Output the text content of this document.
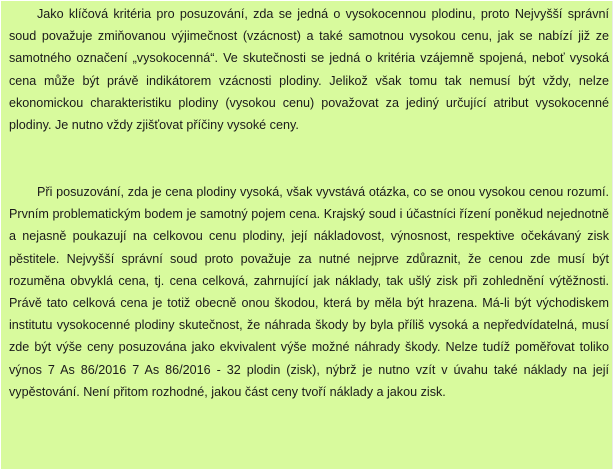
Jako klíčová kritéria pro posuzování, zda se jedná o vysokocennou plodinu, proto Nejvyšší správní soud považuje zmiňovanou výjimečnost (vzácnost) a také samotnou vysokou cenu, jak se nabízí již ze samotného označení „vysokocenná“. Ve skutečnosti se jedná o kritéria vzájemně spojená, neboť vysoká cena může být právě indikátorem vzácnosti plodiny. Jelikož však tomu tak nemusí být vždy, nelze ekonomickou charakteristiku plodiny (vysokou cenu) považovat za jediný určující atribut vysokocenné plodiny. Je nutno vždy zjišťovat příčiny vysoké ceny.

Při posuzování, zda je cena plodiny vysoká, však vyvstává otázka, co se onou vysokou cenou rozumí. Prvním problematickým bodem je samotný pojem cena. Krajský soud i účastníci řízení poněkud nejednotně a nejasně poukazují na celkovou cenu plodiny, její nákladovost, výnosnost, respektive očekávaný zisk pěstitele. Nejvyšší správní soud proto považuje za nutné nejprve zdůraznit, že cenou zde musí být rozuměna obvyklá cena, tj. cena celková, zahrnující jak náklady, tak ušlý zisk při zohlednění výtěžnosti. Právě tato celková cena je totiž obecně onou škodou, která by měla být hrazena. Má-li být východiskem institutu vysokocenné plodiny skutečnost, že náhrada škody by byla příliš vysoká a nepředvídatelná, musí zde být výše ceny posuzována jako ekvivalent výše možné náhrady škody. Nelze tudíž poměřovat toliko výnos 7 As 86/2016 7 As 86/2016 - 32 plodin (zisk), nýbrž je nutno vzít v úvahu také náklady na její vypěstování. Není přitom rozhodné, jakou část ceny tvoří náklady a jakou zisk.
